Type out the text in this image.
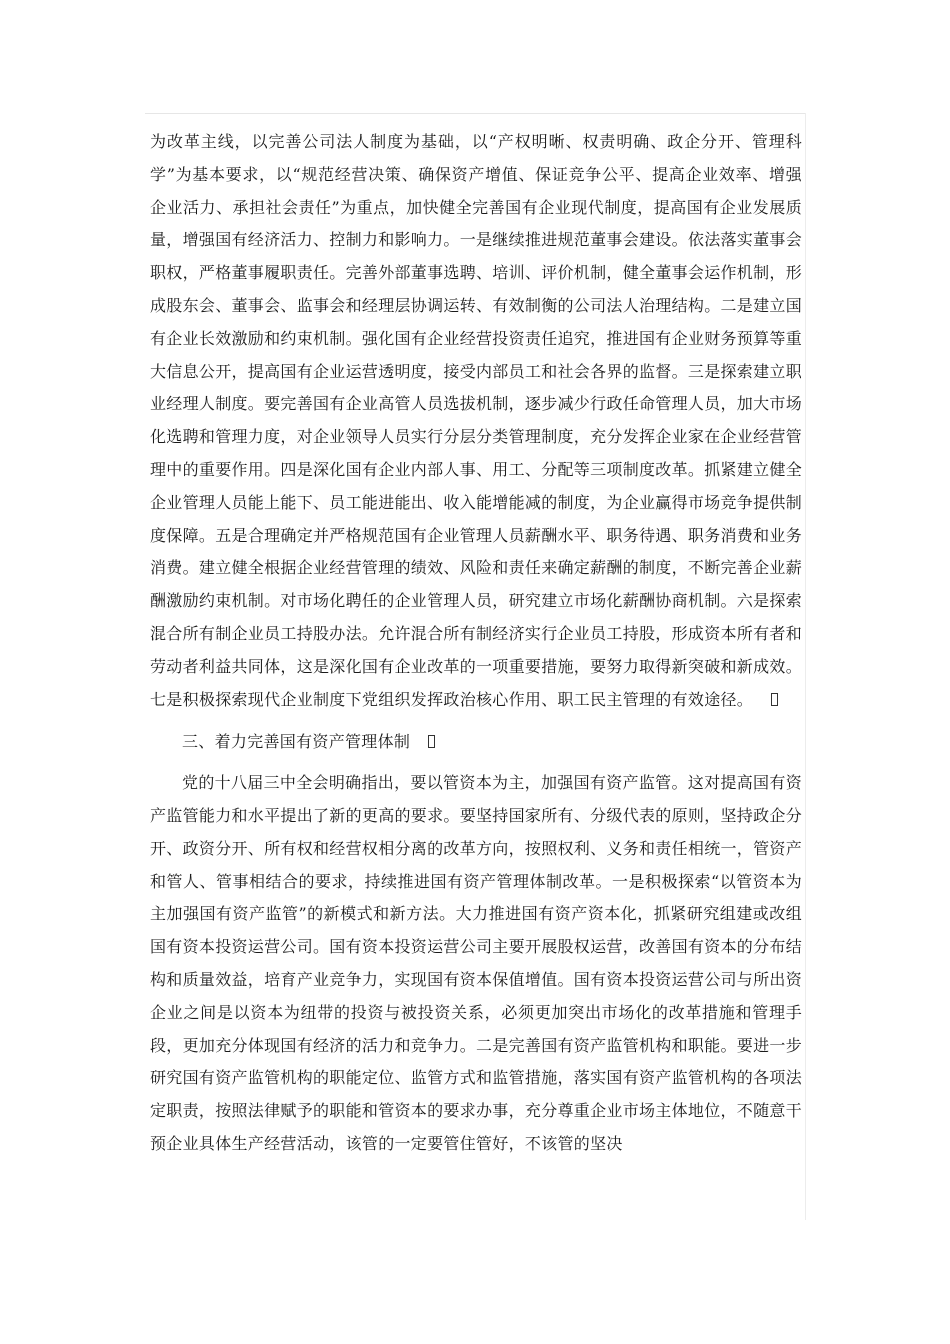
为改革主线，以完善公司法人制度为基础，以“产权明晰、权责明确、政企分开、管理科学”为基本要求，以“规范经营决策、确保资产增值、保证竞争公平、提高企业效率、增强企业活力、承担社会责任”为重点，加快健全完善国有企业现代制度，提高国有企业发展质量，增强国有经济活力、控制力和影响力。一是继续推进规范董事会建设。依法落实董事会职权，严格董事履职责任。完善外部董事选聘、培训、评价机制，健全董事会运作机制，形成股东会、董事会、监事会和经理层协调运转、有效制衡的公司法人治理结构。二是建立国有企业长效激励和约束机制。强化国有企业经营投资责任追究，推进国有企业财务预算等重大信息公开，提高国有企业运营透明度，接受内部员工和社会各界的监督。三是探索建立职业经理人制度。要完善国有企业高管人员选拔机制，逐步减少行政任命管理人员，加大市场化选聘和管理力度，对企业领导人员实行分层分类管理制度，充分发挥企业家在企业经营管理中的重要作用。四是深化国有企业内部人事、用工、分配等三项制度改革。抓紧建立健全企业管理人员能上能下、员工能进能出、收入能增能减的制度，为企业赢得市场竞争提供制度保障。五是合理确定并严格规范国有企业管理人员薪酬水平、职务待遇、职务消费和业务消费。建立健全根据企业经营管理的绩效、风险和责任来确定薪酬的制度，不断完善企业薪酬激励约束机制。对市场化聘任的企业管理人员，研究建立市场化薪酬协商机制。六是探索混合所有制企业员工持股办法。允许混合所有制经济实行企业员工持股，形成资本所有者和劳动者利益共同体，这是深化国有企业改革的一项重要措施，要努力取得新突破和新成效。七是积极探索现代企业制度下党组织发挥政治核心作用、职工民主管理的有效途径。

三、着力完善国有资产管理体制

党的十八届三中全会明确指出，要以管资本为主，加强国有资产监管。这对提高国有资产监管能力和水平提出了新的更高的要求。要坚持国家所有、分级代表的原则，坚持政企分开、政资分开、所有权和经营权相分离的改革方向，按照权利、义务和责任相统一，管资产和管人、管事相结合的要求，持续推进国有资产管理体制改革。一是积极探索“以管资本为主加强国有资产监管”的新模式和新方法。大力推进国有资产资本化，抓紧研究组建或改组国有资本投资运营公司。国有资本投资运营公司主要开展股权运营，改善国有资本的分布结构和质量效益，培育产业竞争力，实现国有资本保值增值。国有资本投资运营公司与所出资企业之间是以资本为纽带的投资与被投资关系，必须更加突出市场化的改革措施和管理手段，更加充分体现国有经济的活力和竞争力。二是完善国有资产监管机构和职能。要进一步研究国有资产监管机构的职能定位、监管方式和监管措施，落实国有资产监管机构的各项法定职责，按照法律赋予的职能和管资本的要求办事，充分尊重企业市场主体地位，不随意干预企业具体生产经营活动，该管的一定要管住管好，不该管的坚决
